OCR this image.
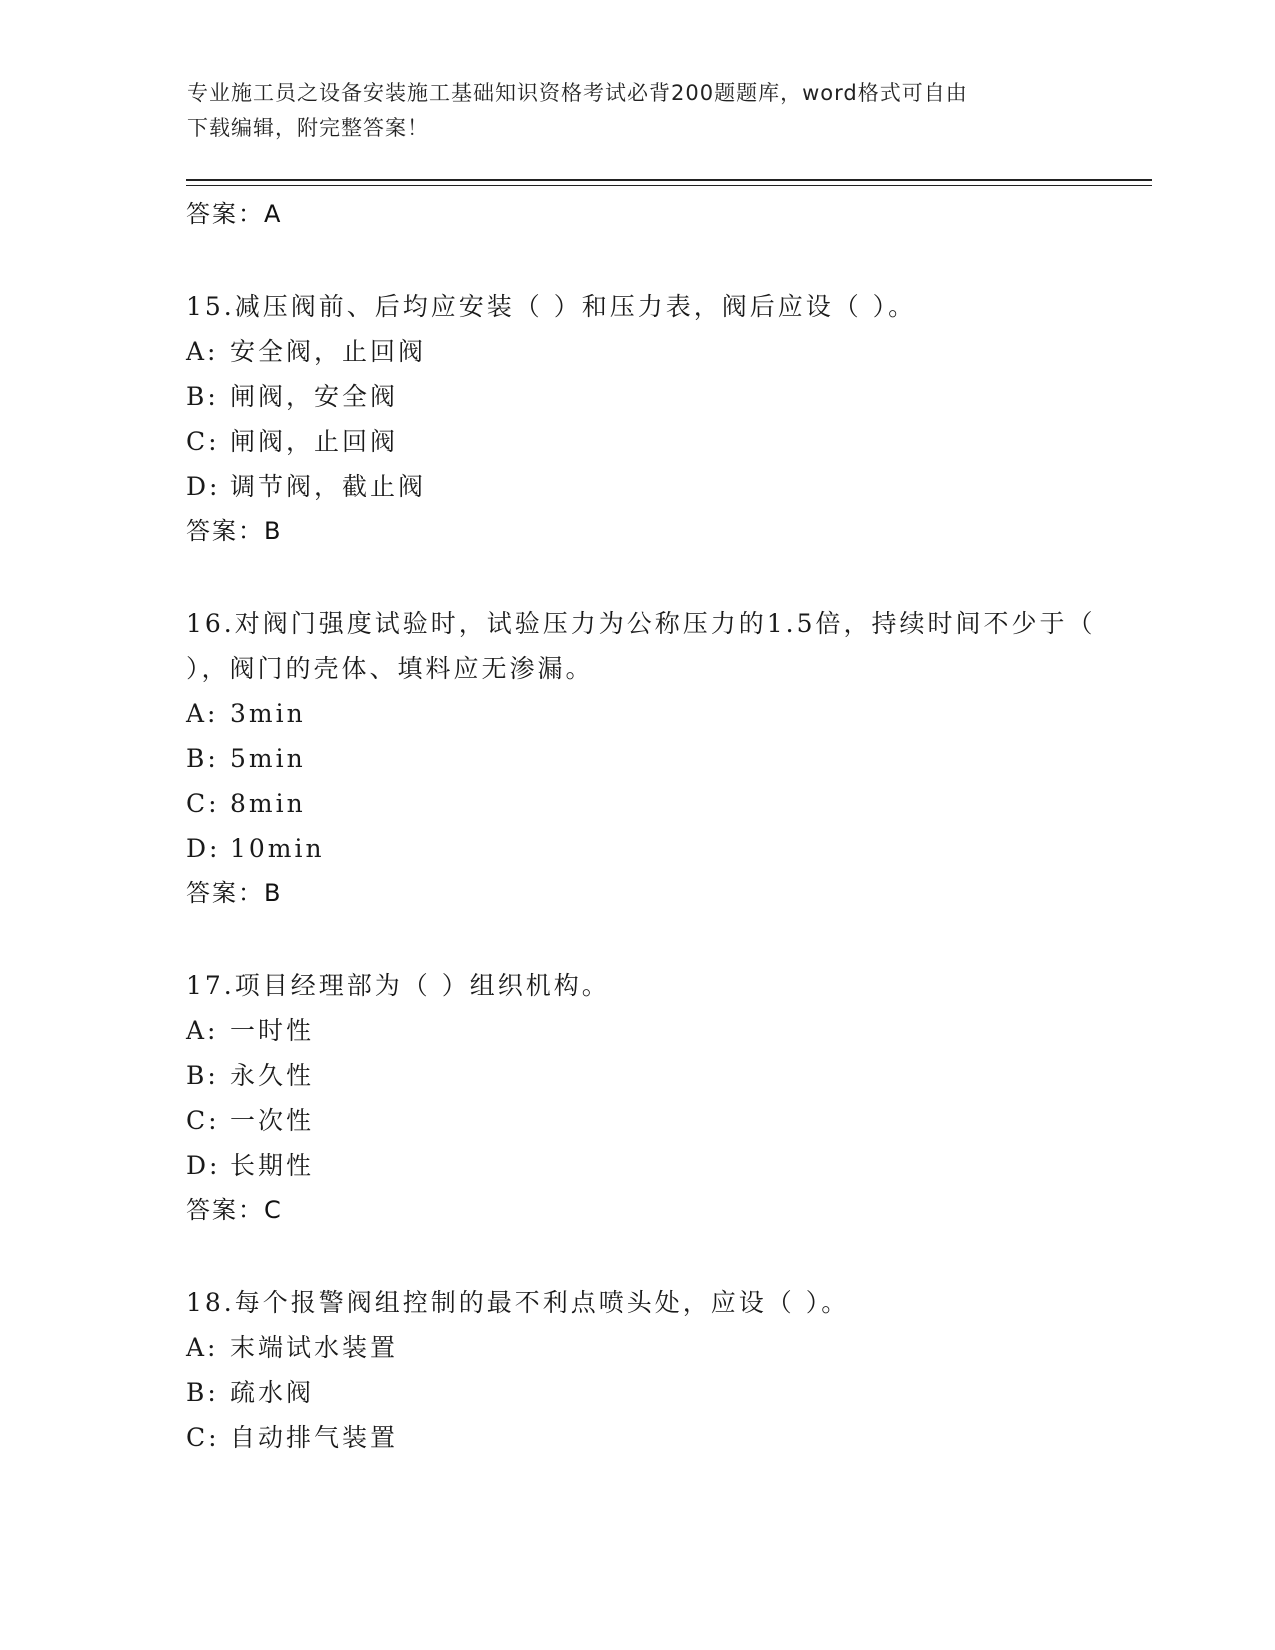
专业施工员之设备安装施工基础知识资格考试必背200题题库，word格式可自由
下载编辑，附完整答案！
答案：A
15.减压阀前、后均应安装（ ）和压力表，阀后应设（ ）。
A: 安全阀，止回阀
B: 闸阀，安全阀
C: 闸阀，止回阀
D: 调节阀，截止阀
答案：B
16.对阀门强度试验时，试验压力为公称压力的1.5倍，持续时间不少于（ ），阀门的壳体、填料应无渗漏。
A: 3min
B: 5min
C: 8min
D: 10min
答案：B
17.项目经理部为（ ）组织机构。
A: 一时性
B: 永久性
C: 一次性
D: 长期性
答案：C
18.每个报警阀组控制的最不利点喷头处，应设（ ）。
A: 末端试水装置
B: 疏水阀
C: 自动排气装置
